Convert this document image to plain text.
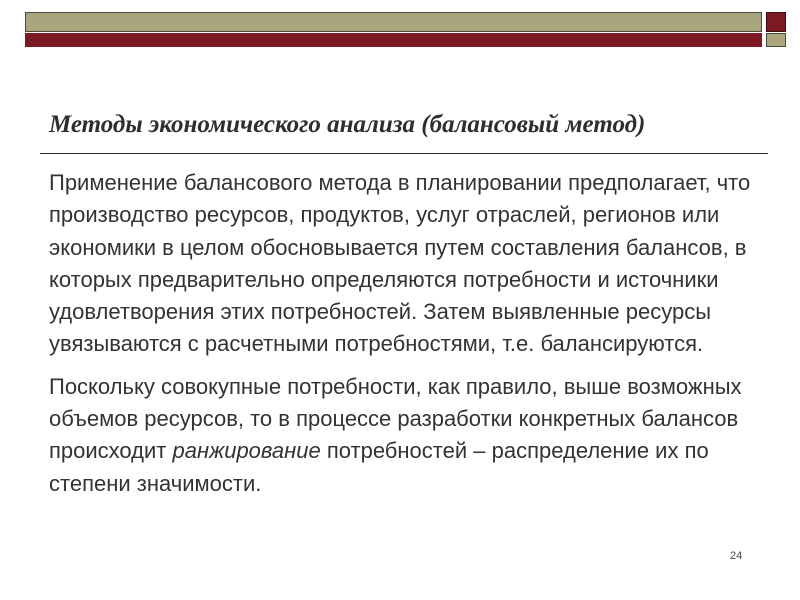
Методы экономического анализа (балансовый метод)

Применение балансового метода в планировании предполагает, что производство ресурсов, продуктов, услуг отраслей, регионов или экономики в целом обосновывается путем составления балансов, в которых предварительно определяются потребности и источники удовлетворения этих потребностей. Затем выявленные ресурсы увязываются с расчетными потребностями, т.е. балансируются.

Поскольку совокупные потребности, как правило, выше возможных объемов ресурсов, то в процессе разработки конкретных балансов происходит ранжирование потребностей – распределение их по степени значимости.

24
